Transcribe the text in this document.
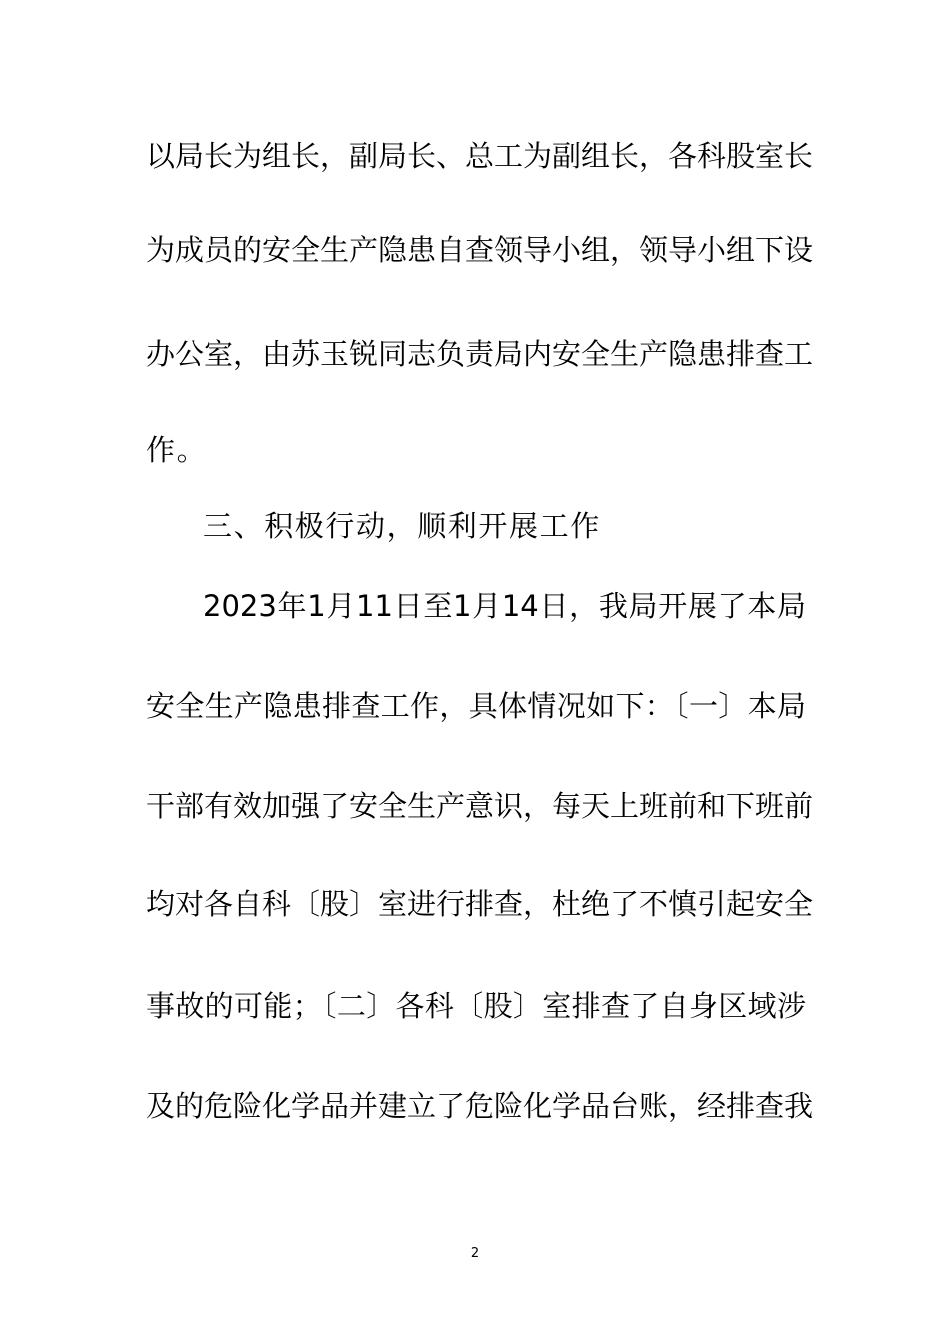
以局长为组长，副局长、总工为副组长，各科股室长
为成员的安全生产隐患自查领导小组，领导小组下设
办公室，由苏玉锐同志负责局内安全生产隐患排查工
作。
三、积极行动，顺利开展工作
2023年1月11日至1月14日，我局开展了本局
安全生产隐患排查工作，具体情况如下：〔一〕本局
干部有效加强了安全生产意识，每天上班前和下班前
均对各自科〔股〕室进行排查，杜绝了不慎引起安全
事故的可能；〔二〕各科〔股〕室排查了自身区域涉
及的危险化学品并建立了危险化学品台账，经排查我
2
